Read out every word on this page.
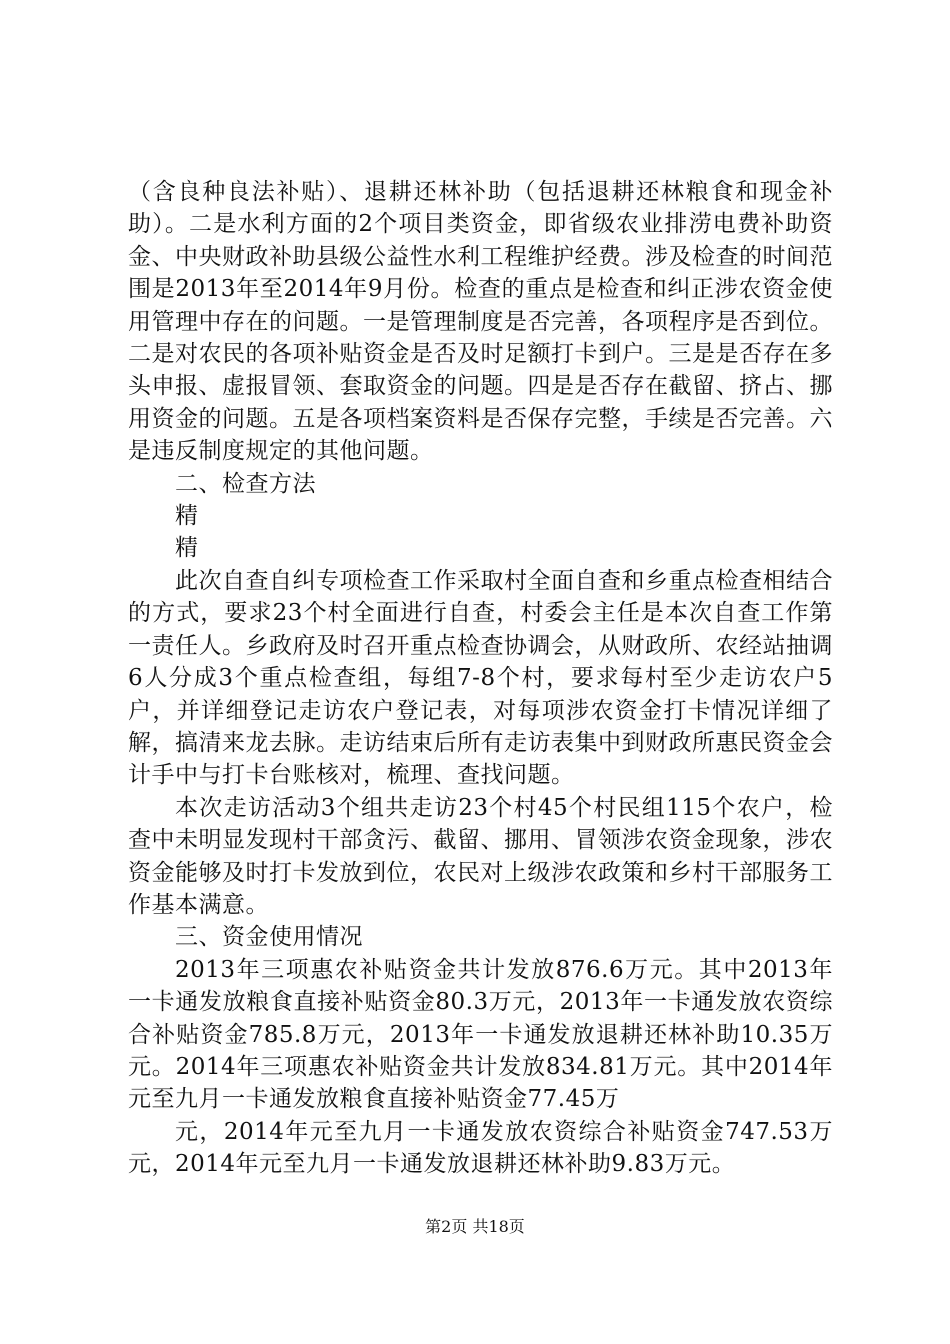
（含良种良法补贴）、退耕还林补助（包括退耕还林粮食和现金补助）。二是水利方面的2个项目类资金，即省级农业排涝电费补助资金、中央财政补助县级公益性水利工程维护经费。涉及检查的时间范围是2013年至2014年9月份。检查的重点是检查和纠正涉农资金使用管理中存在的问题。一是管理制度是否完善，各项程序是否到位。二是对农民的各项补贴资金是否及时足额打卡到户。三是是否存在多头申报、虚报冒领、套取资金的问题。四是是否存在截留、挤占、挪用资金的问题。五是各项档案资料是否保存完整，手续是否完善。六是违反制度规定的其他问题。

二、检查方法

精

精

此次自查自纠专项检查工作采取村全面自查和乡重点检查相结合的方式，要求23个村全面进行自查，村委会主任是本次自查工作第一责任人。乡政府及时召开重点检查协调会，从财政所、农经站抽调6人分成3个重点检查组，每组7-8个村，要求每村至少走访农户5户，并详细登记走访农户登记表，对每项涉农资金打卡情况详细了解，搞清来龙去脉。走访结束后所有走访表集中到财政所惠民资金会计手中与打卡台账核对，梳理、查找问题。

本次走访活动3个组共走访23个村45个村民组115个农户，检查中未明显发现村干部贪污、截留、挪用、冒领涉农资金现象，涉农资金能够及时打卡发放到位，农民对上级涉农政策和乡村干部服务工作基本满意。

三、资金使用情况

2013年三项惠农补贴资金共计发放876.6万元。其中2013年一卡通发放粮食直接补贴资金80.3万元，2013年一卡通发放农资综合补贴资金785.8万元，2013年一卡通发放退耕还林补助10.35万元。2014年三项惠农补贴资金共计发放834.81万元。其中2014年元至九月一卡通发放粮食直接补贴资金77.45万

元，2014年元至九月一卡通发放农资综合补贴资金747.53万元，2014年元至九月一卡通发放退耕还林补助9.83万元。

第2页 共18页
